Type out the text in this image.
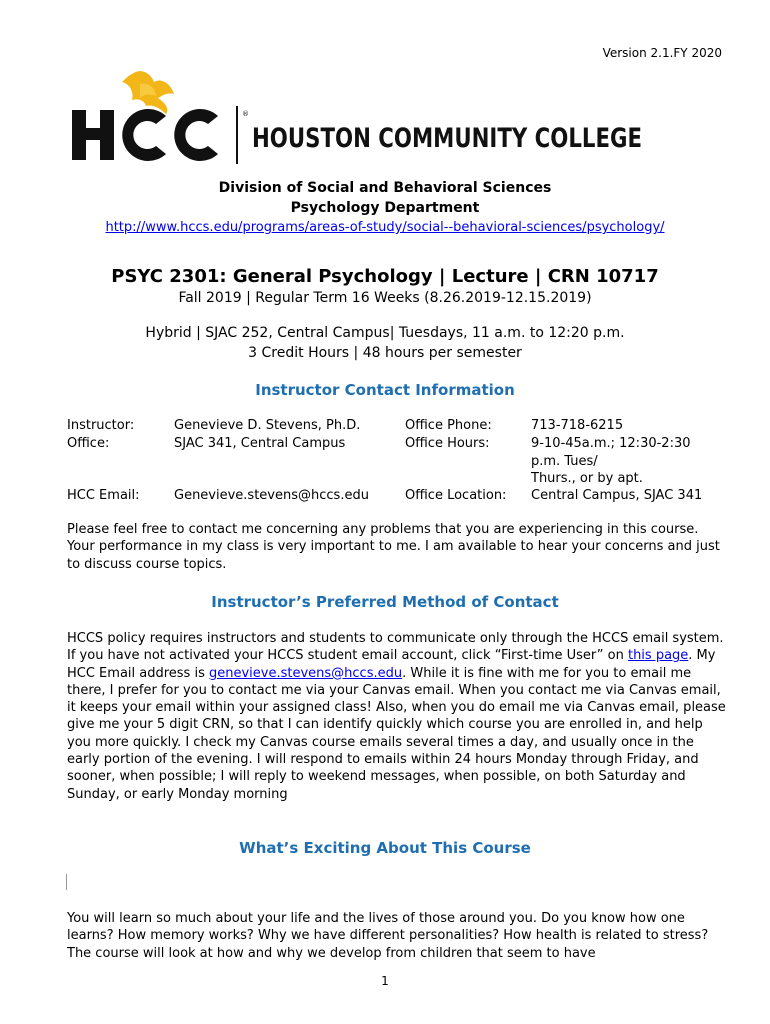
Version 2.1.FY 2020
®
HOUSTON COMMUNITY COLLEGE
Division of Social and Behavioral Sciences
Psychology Department
http://www.hccs.edu/programs/areas-of-study/social--behavioral-sciences/psychology/
PSYC 2301: General Psychology | Lecture | CRN 10717
Fall 2019 | Regular Term 16 Weeks (8.26.2019-12.15.2019)
Hybrid | SJAC 252, Central Campus| Tuesdays, 11 a.m. to 12:20 p.m.
3 Credit Hours | 48 hours per semester
Instructor Contact Information
Instructor:	Genevieve D. Stevens, Ph.D.	Office Phone:	713-718-6215
Office:	SJAC 341, Central Campus	Office Hours:	9-10-45a.m.; 12:30-2:30
p.m. Tues/
Thurs., or by apt.
HCC Email:	Genevieve.stevens@hccs.edu	Office Location: Central Campus, SJAC 341
Please feel free to contact me concerning any problems that you are experiencing in this course. Your performance in my class is very important to me. I am available to hear your concerns and just to discuss course topics.
Instructor’s Preferred Method of Contact
HCCS policy requires instructors and students to communicate only through the HCCS email system. If you have not activated your HCCS student email account, click “First-time User” on this page. My HCC Email address is genevieve.stevens@hccs.edu. While it is fine with me for you to email me there, I prefer for you to contact me via your Canvas email. When you contact me via Canvas email, it keeps your email within your assigned class! Also, when you do email me via Canvas email, please give me your 5 digit CRN, so that I can identify quickly which course you are enrolled in, and help you more quickly. I check my Canvas course emails several times a day, and usually once in the early portion of the evening. I will respond to emails within 24 hours Monday through Friday, and sooner, when possible; I will reply to weekend messages, when possible, on both Saturday and Sunday, or early Monday morning
What’s Exciting About This Course
You will learn so much about your life and the lives of those around you. Do you know how one learns? How memory works? Why we have different personalities? How health is related to stress? The course will look at how and why we develop from children that seem to have
1
